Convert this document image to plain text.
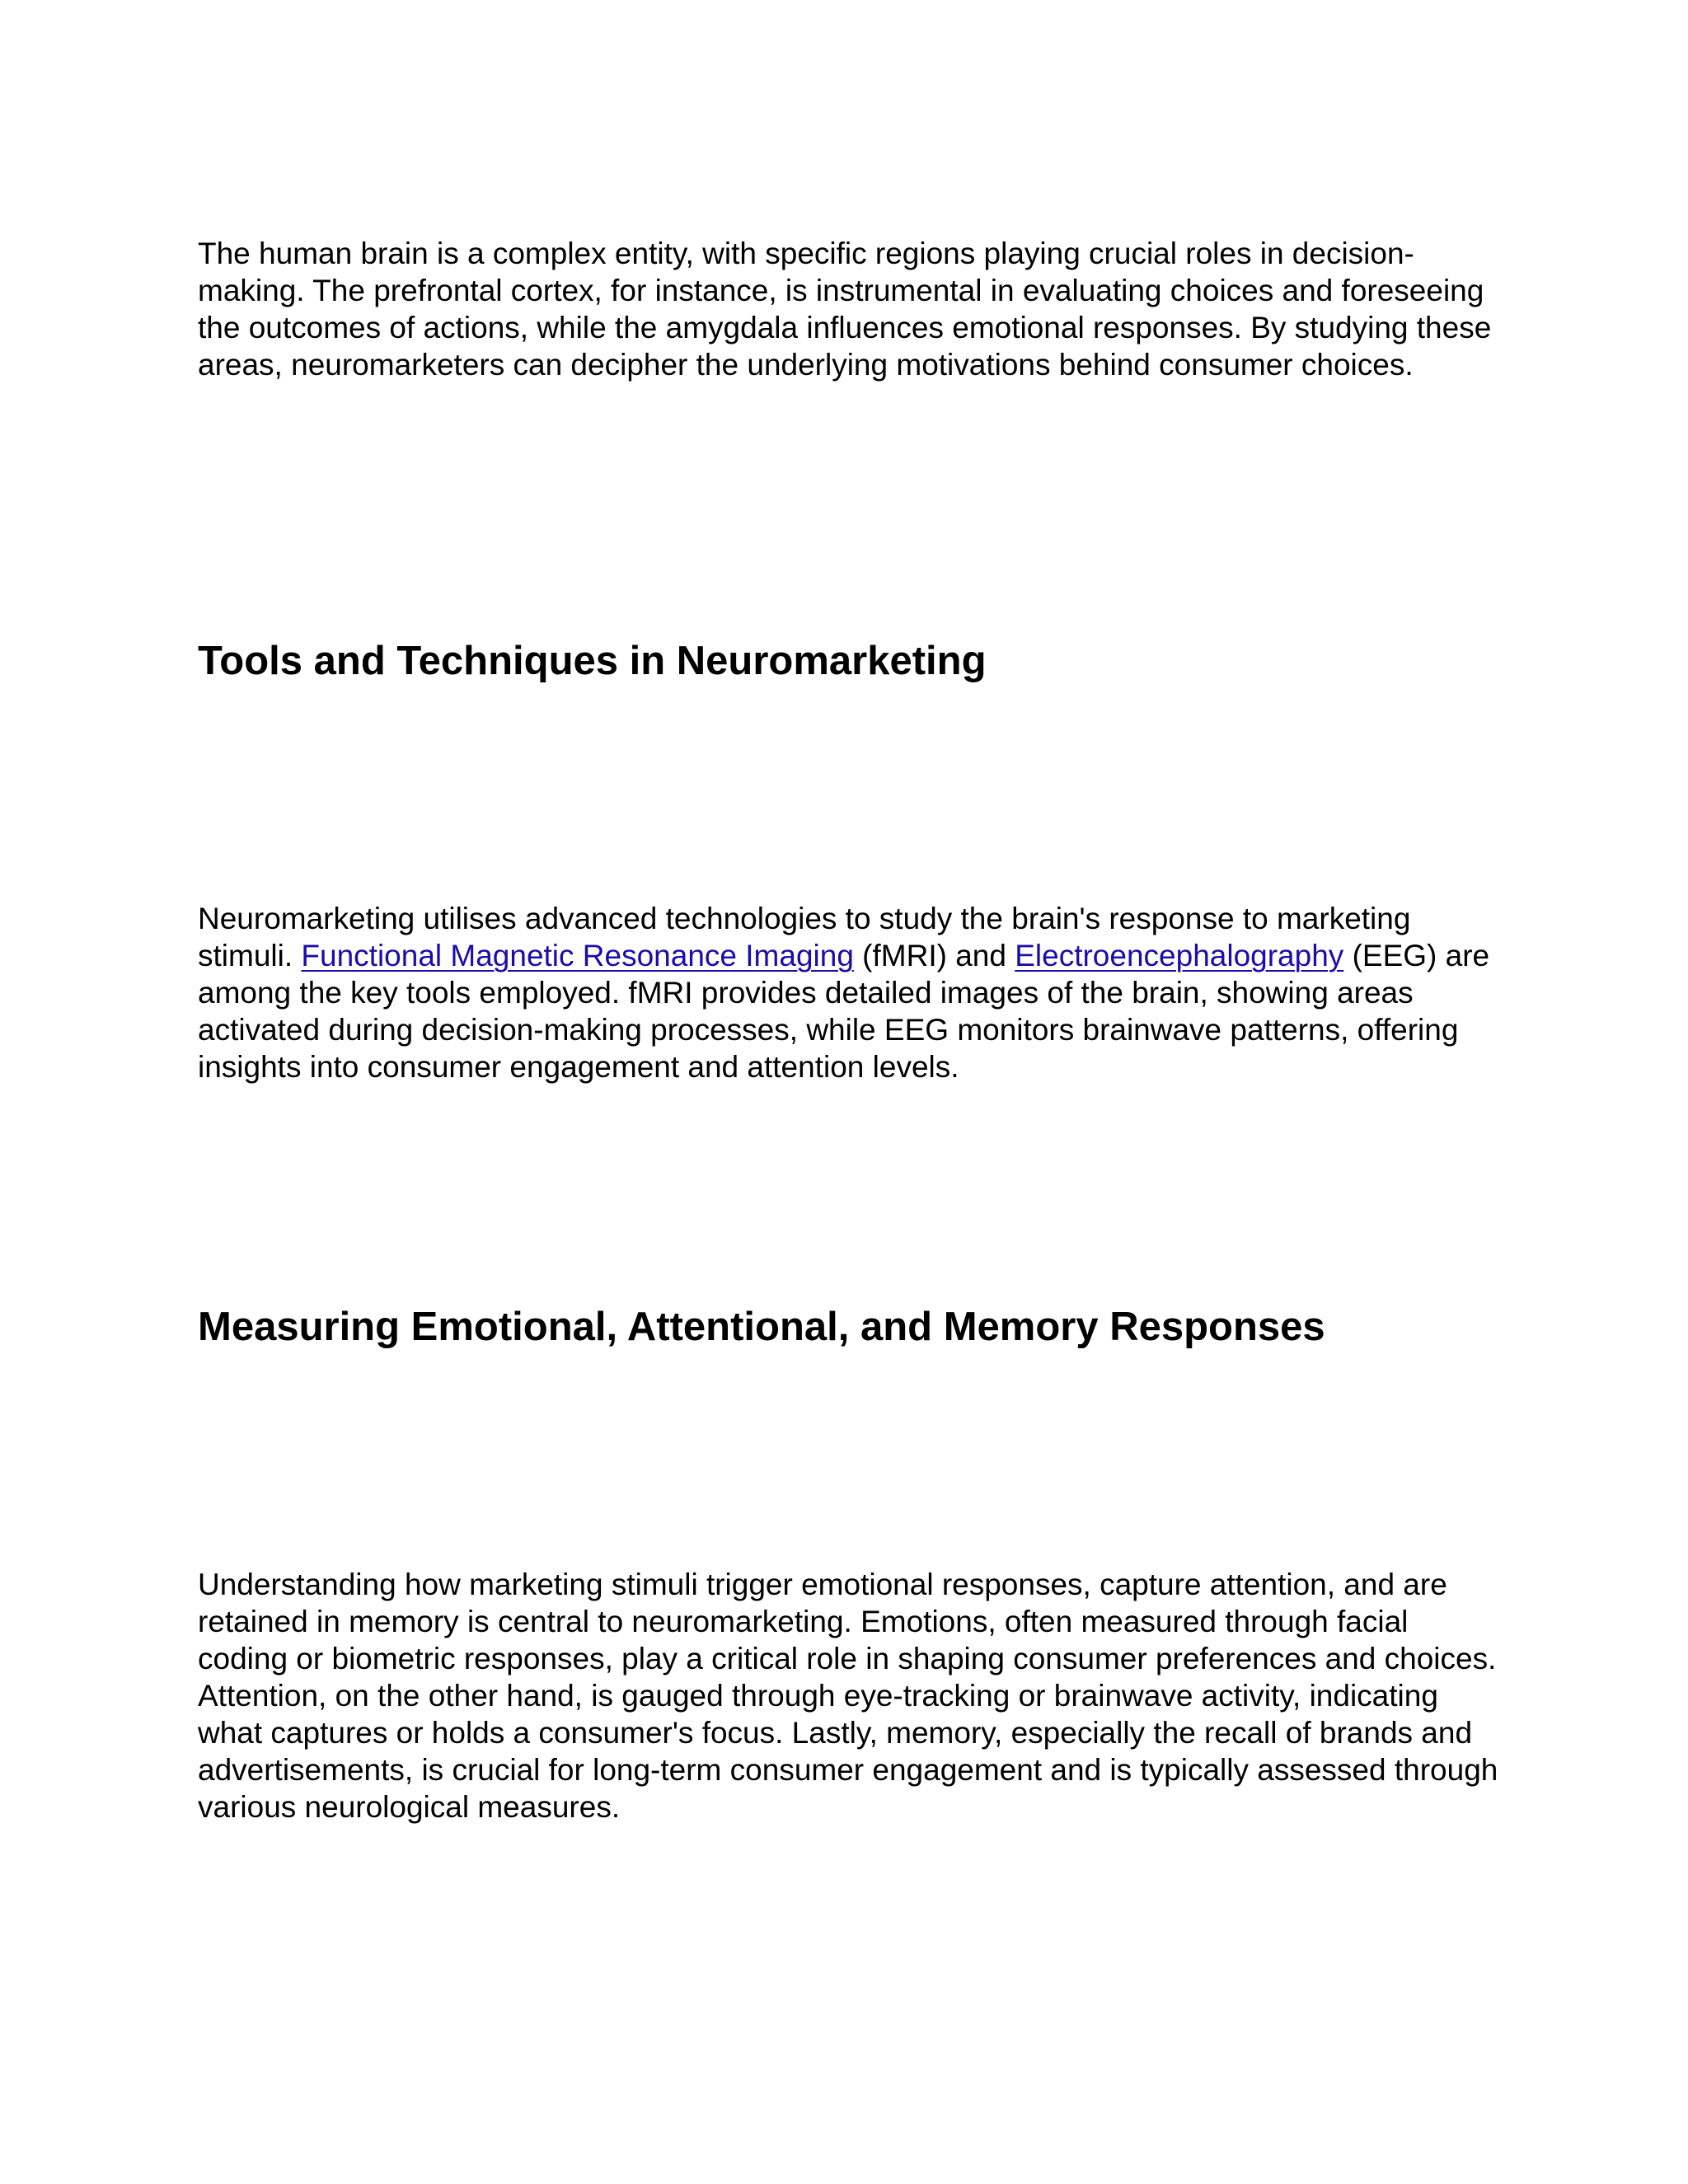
The human brain is a complex entity, with specific regions playing crucial roles in decision-making. The prefrontal cortex, for instance, is instrumental in evaluating choices and foreseeing the outcomes of actions, while the amygdala influences emotional responses. By studying these areas, neuromarketers can decipher the underlying motivations behind consumer choices.

Tools and Techniques in Neuromarketing

Neuromarketing utilises advanced technologies to study the brain's response to marketing stimuli. Functional Magnetic Resonance Imaging (fMRI) and Electroencephalography (EEG) are among the key tools employed. fMRI provides detailed images of the brain, showing areas activated during decision-making processes, while EEG monitors brainwave patterns, offering insights into consumer engagement and attention levels.

Measuring Emotional, Attentional, and Memory Responses

Understanding how marketing stimuli trigger emotional responses, capture attention, and are retained in memory is central to neuromarketing. Emotions, often measured through facial coding or biometric responses, play a critical role in shaping consumer preferences and choices. Attention, on the other hand, is gauged through eye-tracking or brainwave activity, indicating what captures or holds a consumer's focus. Lastly, memory, especially the recall of brands and advertisements, is crucial for long-term consumer engagement and is typically assessed through various neurological measures.
